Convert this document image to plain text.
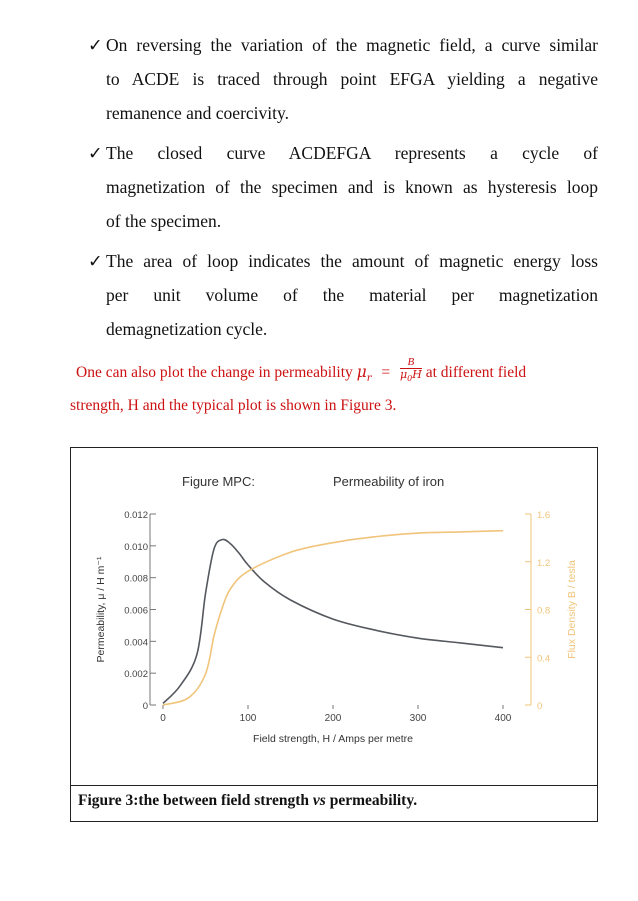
✓ On reversing the variation of the magnetic field, a curve similar
to ACDE is traced through point EFGA yielding a negative
remanence and coercivity.
✓ The closed curve ACDEFGA represents a cycle of
magnetization of the specimen and is known as hysteresis loop
of the specimen.
✓ The area of loop indicates the amount of magnetic energy loss
per unit volume of the material per magnetization
demagnetization cycle.
One can also plot the change in permeability $\mu_r = \frac{B}{\mu_0H}$ at different field
strength, H and the typical plot is shown in Figure 3.
Figure MPC:	Permeability of iron
0
0.002
0.004
0.006
0.008
0.010
0.012
0
0.4
0.8
1.2
1.6
0	100	200	300	400
Field strength, H / Amps per metre
Permeability, μ / H m⁻¹	Flux Density B / tesla
Figure 3:the between field strength vs permeability.
